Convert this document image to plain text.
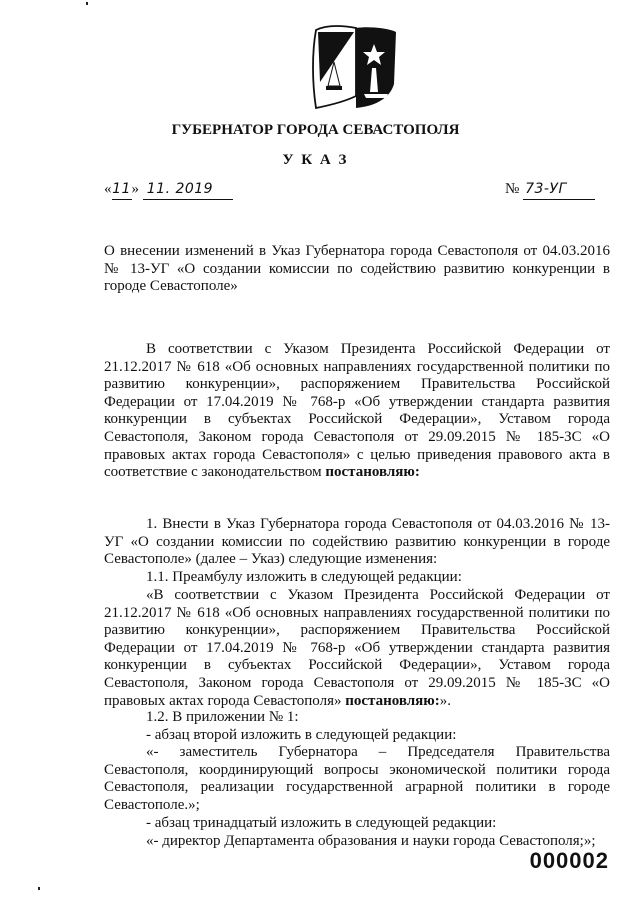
ГУБЕРНАТОР ГОРОДА СЕВАСТОПОЛЯ
У К А З
«11» 11. 2019	№ 73-УГ

О внесении изменений в Указ Губернатора города Севастополя от 04.03.2016 № 13-УГ «О создании комиссии по содействию развитию конкуренции в городе Севастополе»

В соответствии с Указом Президента Российской Федерации от 21.12.2017 № 618 «Об основных направлениях государственной политики по развитию конкуренции», распоряжением Правительства Российской Федерации от 17.04.2019 № 768-р «Об утверждении стандарта развития конкуренции в субъектах Российской Федерации», Уставом города Севастополя, Законом города Севастополя от 29.09.2015 № 185-ЗС «О правовых актах города Севастополя» с целью приведения правового акта в соответствие с законодательством постановляю:

1. Внести в Указ Губернатора города Севастополя от 04.03.2016 № 13-УГ «О создании комиссии по содействию развитию конкуренции в городе Севастополе» (далее – Указ) следующие изменения:

1.1. Преамбулу изложить в следующей редакции:

«В соответствии с Указом Президента Российской Федерации от 21.12.2017 № 618 «Об основных направлениях государственной политики по развитию конкуренции», распоряжением Правительства Российской Федерации от 17.04.2019 № 768-р «Об утверждении стандарта развития конкуренции в субъектах Российской Федерации», Уставом города Севастополя, Законом города Севастополя от 29.09.2015 № 185-ЗС «О правовых актах города Севастополя» постановляю:».

1.2. В приложении № 1:

- абзац второй изложить в следующей редакции:

«- заместитель Губернатора – Председателя Правительства Севастополя, координирующий вопросы экономической политики города Севастополя, реализации государственной аграрной политики в городе Севастополе.»;

- абзац тринадцатый изложить в следующей редакции:

«- директор Департамента образования и науки города Севастополя;»;

000002
